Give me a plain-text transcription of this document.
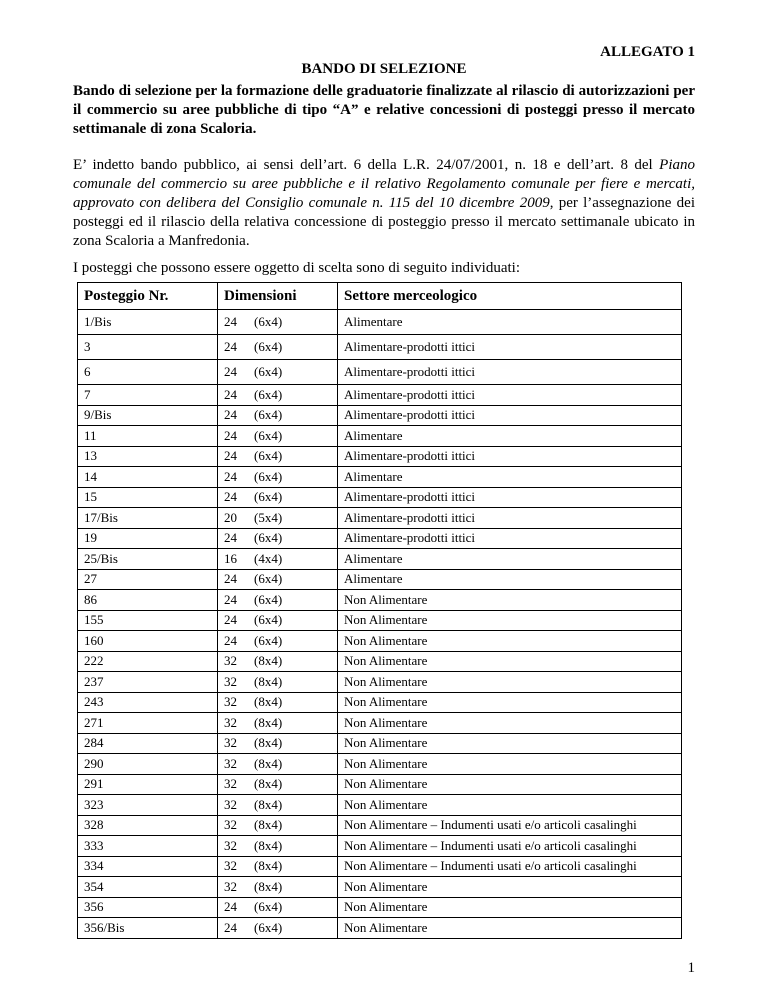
ALLEGATO 1
BANDO DI SELEZIONE
Bando di selezione per la formazione delle graduatorie finalizzate al rilascio di autorizzazioni per il commercio su aree pubbliche di tipo “A” e relative concessioni di posteggi presso il mercato settimanale di zona Scaloria.
E’ indetto bando pubblico, ai sensi dell’art. 6 della L.R. 24/07/2001, n. 18 e dell’art. 8 del Piano comunale del commercio su aree pubbliche e il relativo Regolamento comunale per fiere e mercati, approvato con delibera del Consiglio comunale n. 115 del 10 dicembre 2009, per l’assegnazione dei posteggi ed il rilascio della relativa concessione di posteggio presso il mercato settimanale ubicato in zona Scaloria a Manfredonia.
I posteggi che possono essere oggetto di scelta sono di seguito individuati:
Posteggio Nr.	Dimensioni	Settore merceologico
1/Bis	24 (6x4)	Alimentare
3	24 (6x4)	Alimentare-prodotti ittici
6	24 (6x4)	Alimentare-prodotti ittici
7	24 (6x4)	Alimentare-prodotti ittici
9/Bis	24 (6x4)	Alimentare-prodotti ittici
11	24 (6x4)	Alimentare
13	24 (6x4)	Alimentare-prodotti ittici
14	24 (6x4)	Alimentare
15	24 (6x4)	Alimentare-prodotti ittici
17/Bis	20 (5x4)	Alimentare-prodotti ittici
19	24 (6x4)	Alimentare-prodotti ittici
25/Bis	16 (4x4)	Alimentare
27	24 (6x4)	Alimentare
86	24 (6x4)	Non Alimentare
155	24 (6x4)	Non Alimentare
160	24 (6x4)	Non Alimentare
222	32 (8x4)	Non Alimentare
237	32 (8x4)	Non Alimentare
243	32 (8x4)	Non Alimentare
271	32 (8x4)	Non Alimentare
284	32 (8x4)	Non Alimentare
290	32 (8x4)	Non Alimentare
291	32 (8x4)	Non Alimentare
323	32 (8x4)	Non Alimentare
328	32 (8x4)	Non Alimentare – Indumenti usati e/o articoli casalinghi
333	32 (8x4)	Non Alimentare – Indumenti usati e/o articoli casalinghi
334	32 (8x4)	Non Alimentare – Indumenti usati e/o articoli casalinghi
354	32 (8x4)	Non Alimentare
356	24 (6x4)	Non Alimentare
356/Bis	24 (6x4)	Non Alimentare
1
